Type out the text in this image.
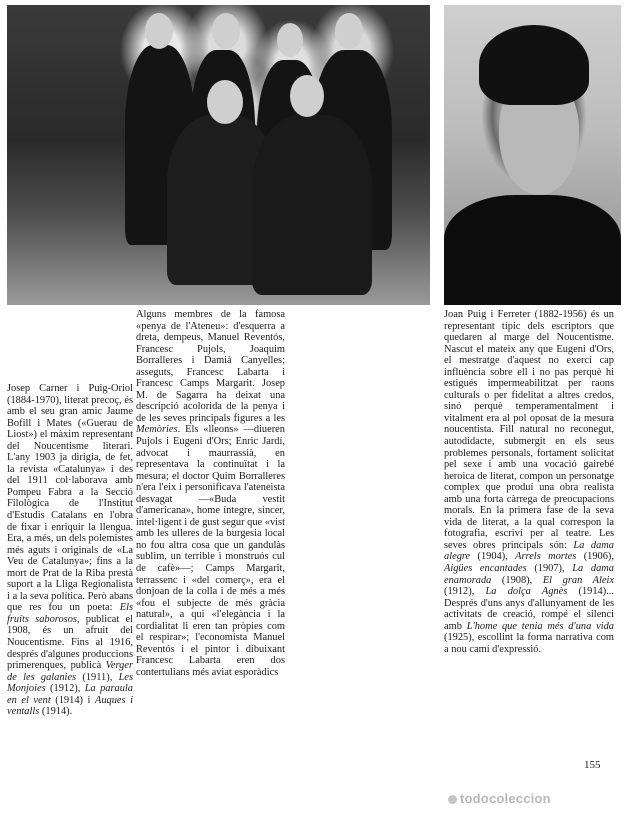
Josep Carner i Puig-Oriol (1884-1970), literat precoç, és amb el seu gran amic Jaume Bofill i Mates («Guerau de Liost») el màxim representant del Noucentisme literari. L'any 1903 ja dirigia, de fet, la revista «Catalunya» i des del 1911 col·laborava amb Pompeu Fabra a la Secció Filològica de l'Institut d'Estudis Catalans en l'obra de fixar i enriquir la llengua. Era, a més, un dels polemistes més aguts i originals de «La Veu de Catalunya»; fins a la mort de Prat de la Riba prestà suport a la Lliga Regionalista i a la seva política. Però abans que res fou un poeta: Els fruits saborosos, publicat el 1908, és un afruit del Noucentisme. Fins al 1916, després d'algunes produccions primerenques, publicà Verger de les galanies (1911), Les Monjoies (1912), La paraula en el vent (1914) i Auques i ventalls (1914).

Alguns membres de la famosa «penya de l'Ateneu»: d'esquerra a dreta, dempeus, Manuel Reventós, Francesc Pujols, Joaquim Borralleres i Damià Canyelles; asseguts, Francesc Labarta i Francesc Camps Margarit. Josep M. de Sagarra ha deixat una descripció acolorida de la penya i de les seves principals figures a les Memòries. Els «lleons» —diueren Pujols i Eugeni d'Ors; Enric Jardí, advocat i maurrassià, en representava la continuïtat i la mesura; el doctor Quim Borralleres n'era l'eix i personificava l'ateneista desvagat —«Buda vestit d'americana», home íntegre, sincer, intel·ligent i de gust segur que «vist amb les ulleres de la burgesia local no fou altra cosa que un gandulàs sublim, un terrible i monstruós cul de cafè»—; Camps Margarit, terrassenc i «del comerç», era el donjoan de la colla i de més a més «fou el subjecte de més gràcia natural», a qui «l'elegància i la cordialitat li eren tan pròpies com el respirar»; l'economista Manuel Reventós i el pintor i dibuixant Francesc Labarta eren dos contertulians més aviat esporàdics

Joan Puig i Ferreter (1882-1956) és un representant típic dels escriptors que quedaren al marge del Noucentisme. Nascut el mateix any que Eugeni d'Ors, el mestratge d'aquest no exercí cap influència sobre ell i no pas perquè hi estigués impermeabilitzat per raons culturals o per fidelitat a altres credos, sinó perquè temperamentalment i vitalment era al pol oposat de la mesura noucentista. Fill natural no reconegut, autodidacte, submergit en els seus problemes personals, fortament solicitat pel sexe i amb una vocació gairebé heroica de literat, compon un personatge complex que produí una obra realista amb una forta càrrega de preocupacions morals. En la primera fase de la seva vida de literat, a la qual correspon la fotografia, escriví per al teatre. Les seves obres principals són: La dama alegre (1904), Arrels mortes (1906), Aigües encantades (1907), La dama enamorada (1908), El gran Aleix (1912), La dolça Agnès (1914)... Després d'uns anys d'allunyament de les activitats de creació, rompé el silenci amb L'home que tenia més d'una vida (1925), escollint la forma narrativa com a nou camí d'expressió.

155
todocoleccion
